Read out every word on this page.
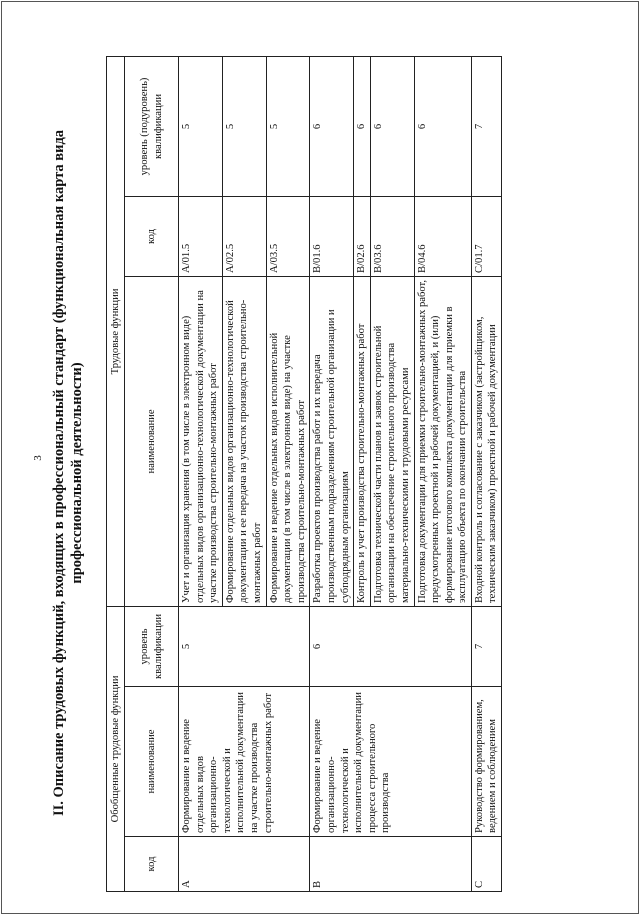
3 II. Описание трудовых функций, входящих в профессиональный стандарт (функциональная карта вида профессиональной деятельности)
Обобщенные трудовые функции			Трудовые функции		
код	наименование	уровень квалификации	наименование	код	уровень (подуровень) квалификации
A	Формирование и ведение отдельных видов организационно-технологической и исполнительной документации на участке производства строительно-монтажных работ	5	Учет и организация хранения (в том числе в электронном виде) отдельных видов организационно-технологической документации на участке производства строительно-монтажных работ	A/01.5	5
			Формирование отдельных видов организационно-технологической документации и ее передача на участок производства строительно-монтажных работ	A/02.5	5
			Формирование и ведение отдельных видов исполнительной документации (в том числе в электронном виде) на участке производства строительно-монтажных работ	A/03.5	5
B	Формирование и ведение организационно-технологической и исполнительной документации процесса строительного производства	6	Разработка проектов производства работ и их передача производственным подразделениям строительной организации и субподрядным организациям	B/01.6	6
			Контроль и учет производства строительно-монтажных работ	B/02.6	6
			Подготовка технической части планов и заявок строительной организации на обеспечение строительного производства материально-техническими и трудовыми ресурсами	B/03.6	6
			Подготовка документации для приемки строительно-монтажных работ, предусмотренных проектной и рабочей документацией, и (или) формирование итогового комплекта документации для приемки в эксплуатацию объекта по окончании строительства	B/04.6	6
C	Руководство формированием, ведением и соблюдением	7	Входной контроль и согласование с заказчиком (застройщиком, техническим заказчиком) проектной и рабочей документации	C/01.7	7
